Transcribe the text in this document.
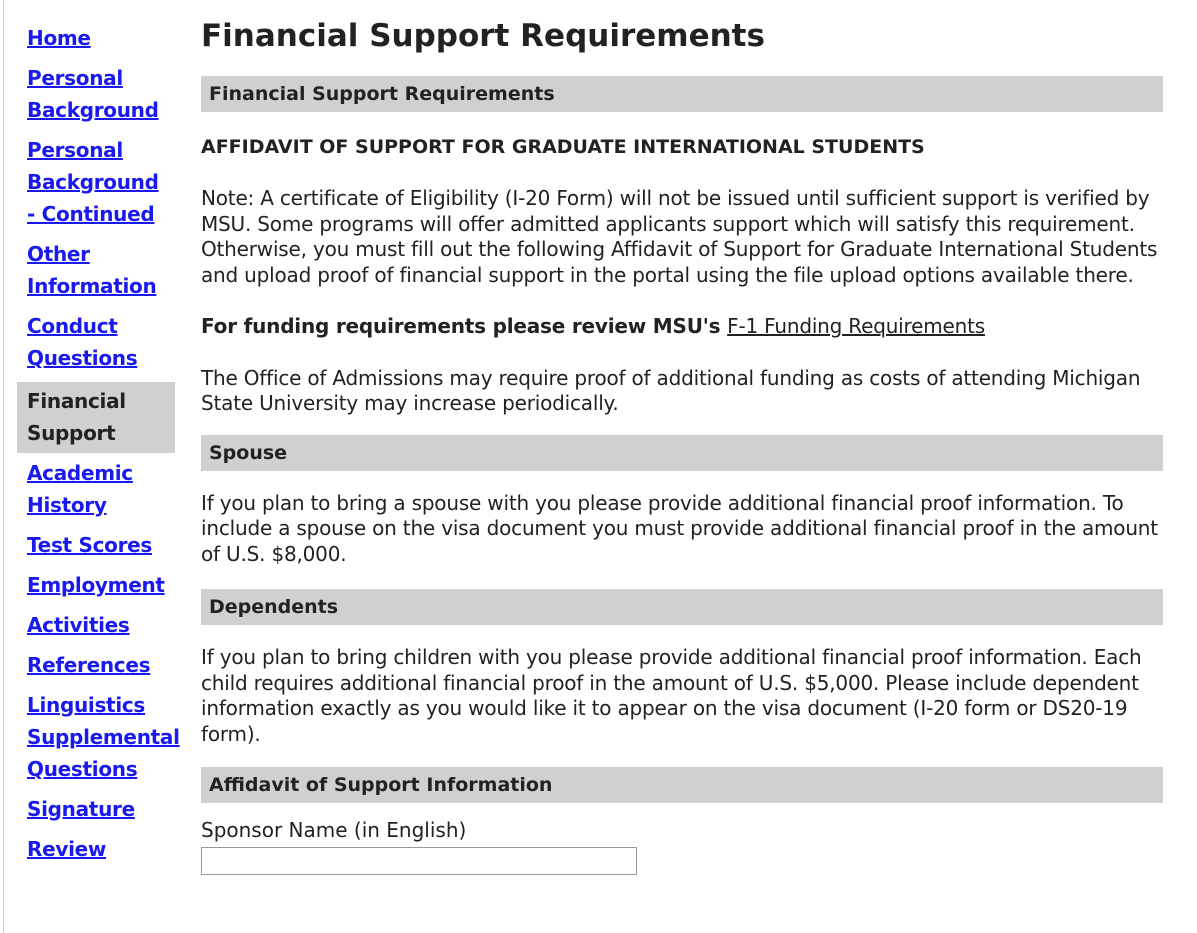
Home
Personal
Background
Personal
Background
- Continued
Other
Information
Conduct
Questions
Financial
Support
Academic
History
Test Scores
Employment
Activities
References
Linguistics
Supplemental
Questions
Signature
Review
Financial Support Requirements
Financial Support Requirements
AFFIDAVIT OF SUPPORT FOR GRADUATE INTERNATIONAL STUDENTS

Note: A certificate of Eligibility (I-20 Form) will not be issued until sufficient support is verified by MSU. Some programs will offer admitted applicants support which will satisfy this requirement. Otherwise, you must fill out the following Affidavit of Support for Graduate International Students and upload proof of financial support in the portal using the file upload options available there.

For funding requirements please review MSU's F-1 Funding Requirements

The Office of Admissions may require proof of additional funding as costs of attending Michigan State University may increase periodically.

Spouse

If you plan to bring a spouse with you please provide additional financial proof information. To include a spouse on the visa document you must provide additional financial proof in the amount of U.S. $8,000.

Dependents

If you plan to bring children with you please provide additional financial proof information. Each child requires additional financial proof in the amount of U.S. $5,000. Please include dependent information exactly as you would like it to appear on the visa document (I-20 form or DS20-19 form).

Affidavit of Support Information
Sponsor Name (in English)
